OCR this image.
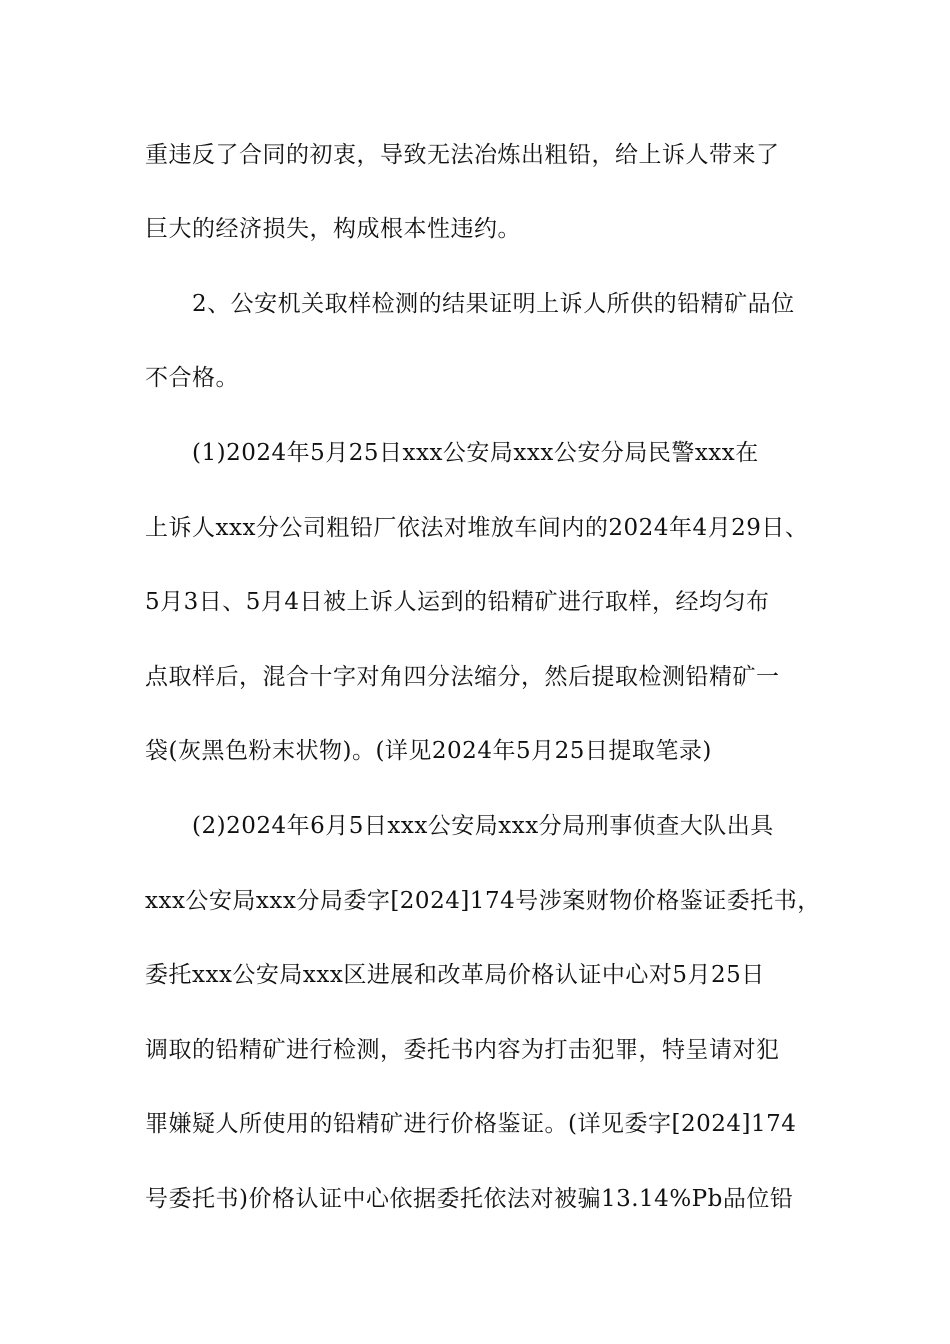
重违反了合同的初衷，导致无法冶炼出粗铅，给上诉人带来了
巨大的经济损失，构成根本性违约。
2、公安机关取样检测的结果证明上诉人所供的铅精矿品位
不合格。
(1)2024年5月25日xxx公安局xxx公安分局民警xxx在
上诉人xxx分公司粗铅厂依法对堆放车间内的2024年4月29日、
5月3日、5月4日被上诉人运到的铅精矿进行取样，经均匀布
点取样后，混合十字对角四分法缩分，然后提取检测铅精矿一
袋(灰黑色粉末状物)。(详见2024年5月25日提取笔录)
(2)2024年6月5日xxx公安局xxx分局刑事侦查大队出具
xxx公安局xxx分局委字[2024]174号涉案财物价格鉴证委托书，
委托xxx公安局xxx区进展和改革局价格认证中心对5月25日
调取的铅精矿进行检测，委托书内容为打击犯罪，特呈请对犯
罪嫌疑人所使用的铅精矿进行价格鉴证。(详见委字[2024]174
号委托书)价格认证中心依据委托依法对被骗13.14%Pb品位铅
